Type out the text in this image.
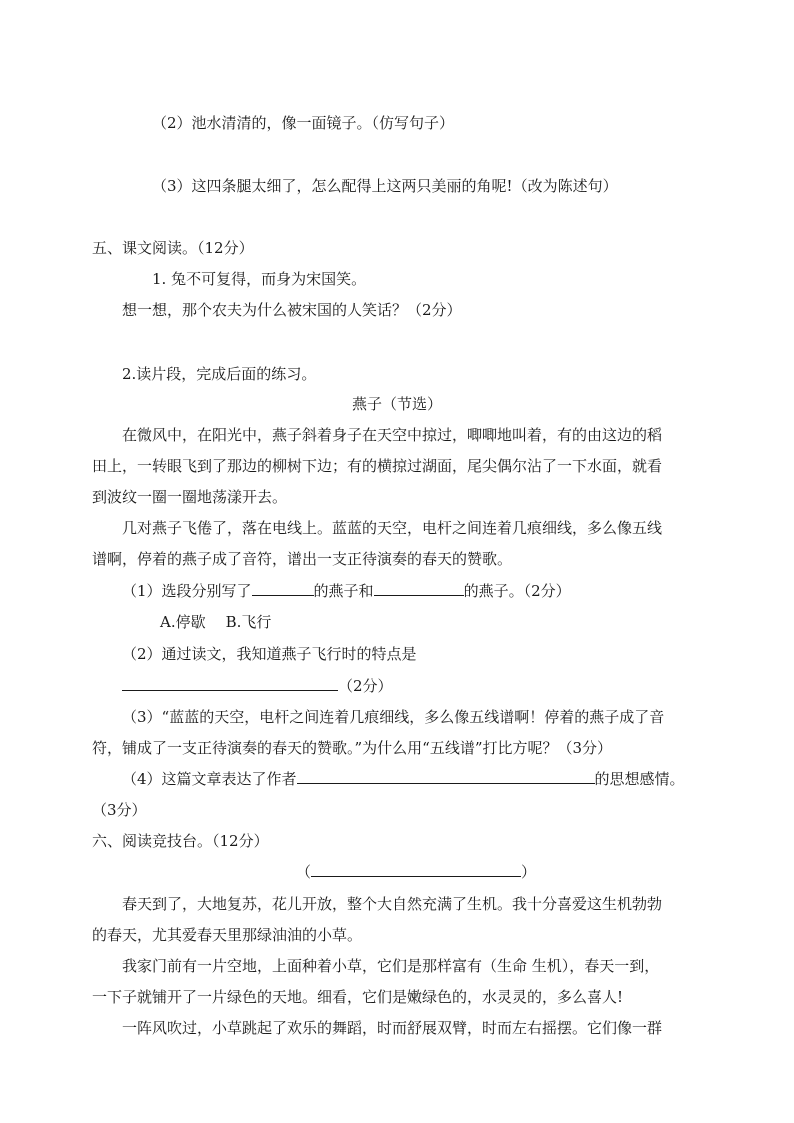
（2）池水清清的，像一面镜子。（仿写句子）
（3）这四条腿太细了，怎么配得上这两只美丽的角呢!（改为陈述句）
五、课文阅读。（12分）
1. 兔不可复得，而身为宋国笑。
想一想，那个农夫为什么被宋国的人笑话？（2分）
2.读片段，完成后面的练习。
燕子（节选）
在微风中，在阳光中，燕子斜着身子在天空中掠过，唧唧地叫着，有的由这边的稻
田上，一转眼飞到了那边的柳树下边；有的横掠过湖面，尾尖偶尔沾了一下水面，就看
到波纹一圈一圈地荡漾开去。
几对燕子飞倦了，落在电线上。蓝蓝的天空，电杆之间连着几痕细线，多么像五线
谱啊，停着的燕子成了音符，谱出一支正待演奏的春天的赞歌。
（1）选段分别写了	的燕子和	的燕子。（2分）
A.停歇 B.飞行
（2）通过读文，我知道燕子飞行时的特点是
（2分）
（3）“蓝蓝的天空，电杆之间连着几痕细线，多么像五线谱啊！停着的燕子成了音
符，铺成了一支正待演奏的春天的赞歌。”为什么用“五线谱”打比方呢？（3分）
（4）这篇文章表达了作者	的思想感情。
（3分）
六、阅读竞技台。（12分）
（	）
春天到了，大地复苏，花儿开放，整个大自然充满了生机。我十分喜爱这生机勃勃
的春天，尤其爱春天里那绿油油的小草。
我家门前有一片空地，上面种着小草，它们是那样富有（生命 生机），春天一到，
一下子就铺开了一片绿色的天地。细看，它们是嫩绿色的，水灵灵的，多么喜人!
一阵风吹过，小草跳起了欢乐的舞蹈，时而舒展双臂，时而左右摇摆。它们像一群
